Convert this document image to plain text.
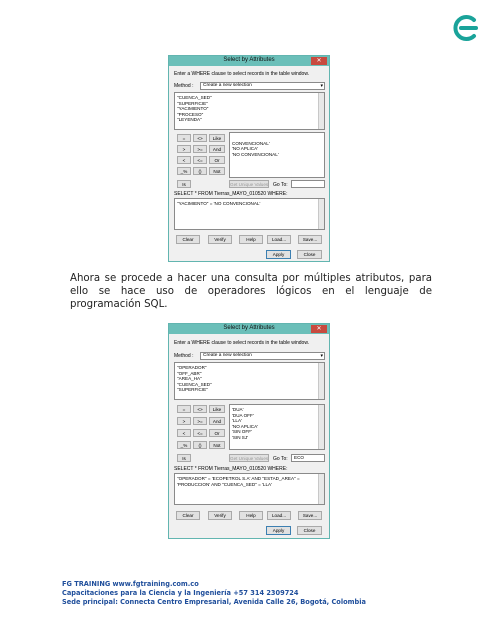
Select by Attributes	✕
Enter a WHERE clause to select records in the table window.
Method :	Create a new selection	▾
"CUENCA_SED"
"SUPERFICIE"
"YACIMIENTO"
"PROCESO"
"LEYENDA"
=	<>	Like
>	>=	And
<	<=	Or
_%	()	Not
CONVENCIONAL'
'NO APLICA'
'NO CONVENCIONAL'
Is	Get Unique Values Go To:
SELECT * FROM Tierras_MAYO_010520 WHERE:
"YACIMIENTO" = 'NO CONVENCIONAL'
Clear	Verify	Help	Load...	Save...
Apply	Close
Ahora se procede a hacer una consulta por múltiples atributos, para ello se hace uso de operadores lógicos en el lenguaje de programación SQL.
Select by Attributes	✕
Enter a WHERE clause to select records in the table window.
Method :	Create a new selection	▾
"OPERADOR"
"OFF_ABR"
"AREA_HA"
"CUENCA_SED"
"SUPERFICIE"
=	<>	Like
>	>=	And
<	<=	Or
_%	()	Not
'DUA'
'DUA OFF'
'LLA'
'NO APLICA'
'SIN OFF'
'SIN SJ'
Is	Get Unique Values Go To:	ECO
SELECT * FROM Tierras_MAYO_010520 WHERE:
"OPERADOR" = 'ECOPETROL S.A' AND "ESTAD_AREA" = 'PRODUCCION' AND "CUENCA_SED" = 'LLA'
Clear	Verify	Help	Load...	Save...
Apply	Close
FG TRAINING www.fgtraining.com.co
Capacitaciones para la Ciencia y la Ingeniería +57 314 2309724
Sede principal: Connecta Centro Empresarial, Avenida Calle 26, Bogotá, Colombia
